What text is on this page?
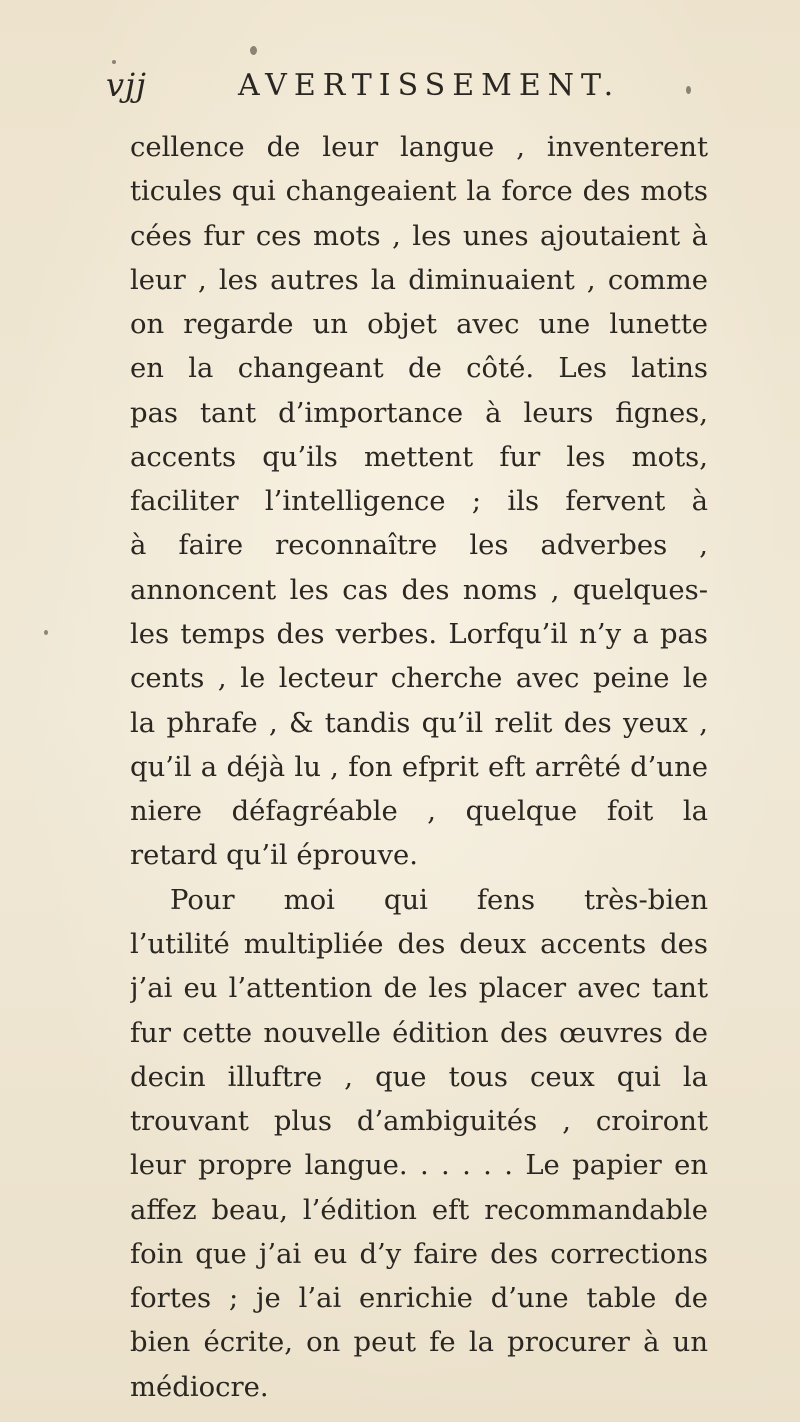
vjj	AVERTISSEMENT.
cellence de leur langue , inventerent
ticules qui changeaient la force des mots
cées fur ces mots , les unes ajoutaient à
leur , les autres la diminuaient , comme
on regarde un objet avec une lunette
en la changeant de côté. Les latins
pas tant d’importance à leurs fignes,
accents qu’ils mettent fur les mots,
faciliter l’intelligence ; ils fervent à
à faire reconnaître les adverbes ,
annoncent les cas des noms , quelques-
les temps des verbes. Lorfqu’il n’y a pas
cents , le lecteur cherche avec peine le
la phrafe , & tandis qu’il relit des yeux ,
qu’il a déjà lu , fon efprit eft arrêté d’une
niere défagréable , quelque foit la
retard qu’il éprouve.
Pour moi qui fens très-bien
l’utilité multipliée des deux accents des
j’ai eu l’attention de les placer avec tant
fur cette nouvelle édition des œuvres de
decin illuftre , que tous ceux qui la
trouvant plus d’ambiguités , croiront
leur propre langue. . . . . . Le papier en
affez beau, l’édition eft recommandable
foin que j’ai eu d’y faire des corrections
fortes ; je l’ai enrichie d’une table de
bien écrite, on peut fe la procurer à un
médiocre.
